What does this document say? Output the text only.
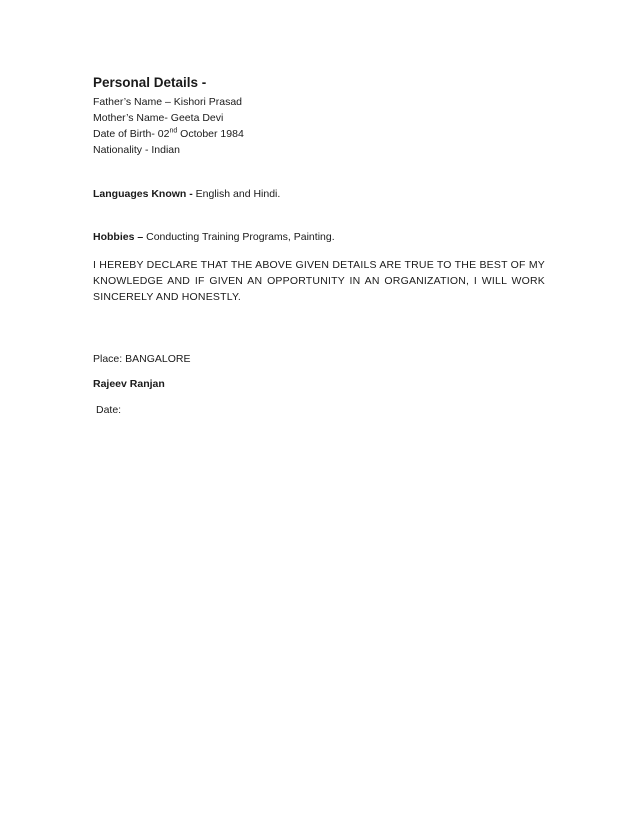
Personal Details -

Father’s Name – Kishori Prasad

Mother’s Name- Geeta Devi

Date of Birth- 02nd October 1984

Nationality - Indian

Languages Known - English and Hindi.

Hobbies – Conducting Training Programs, Painting.

I HEREBY DECLARE THAT THE ABOVE GIVEN DETAILS ARE TRUE TO THE BEST OF MY KNOWLEDGE AND IF GIVEN AN OPPORTUNITY IN AN ORGANIZATION, I WILL WORK SINCERELY AND HONESTLY.

Place: BANGALORE

Rajeev Ranjan

Date:
